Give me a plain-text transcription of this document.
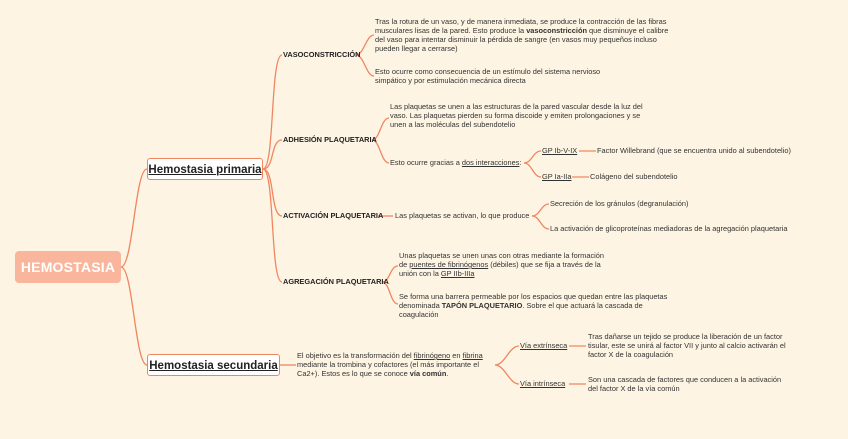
HEMOSTASIA
Hemostasia primaria
VASOCONSTRICCIÓN
Tras la rotura de un vaso, y de manera inmediata, se produce la contracción de las fibras musculares lisas de la pared. Esto produce la vasoconstricción que disminuye el calibre del vaso para intentar disminuir la pérdida de sangre (en vasos muy pequeños incluso pueden llegar a cerrarse)
Esto ocurre como consecuencia de un estímulo del sistema nervioso simpático y por estimulación mecánica directa
ADHESIÓN PLAQUETARIA
Las plaquetas se unen a las estructuras de la pared vascular desde la luz del vaso. Las plaquetas pierden su forma discoide y emiten prolongaciones y se unen a las moléculas del subendotelio
Esto ocurre gracias a dos interacciones:
GP Ib-V-IX	Factor Willebrand (que se encuentra unido al subendotelio)
GP Ia-IIa	Colágeno del subendotelio
ACTIVACIÓN PLAQUETARIA Las plaquetas se activan, lo que produce
Secreción de los gránulos (degranulación)
La activación de glicoproteínas mediadoras de la agregación plaquetaria
AGREGACIÓN PLAQUETARIA
Unas plaquetas se unen unas con otras mediante la formación de puentes de fibrinógenos (débiles) que se fija a través de la unión con la GP IIb-IIIa
Se forma una barrera permeable por los espacios que quedan entre las plaquetas denominada TAPÓN PLAQUETARIO. Sobre el que actuará la cascada de coagulación
Hemostasia secundaria
El objetivo es la transformación del fibrinógeno en fibrina mediante la trombina y cofactores (el más importante el Ca2+). Estos es lo que se conoce vía común.
Vía extrínseca
Tras dañarse un tejido se produce la liberación de un factor tisular, este se unirá al factor VII y junto al calcio activarán el factor X de la coagulación
Vía intrínseca	Son una cascada de factores que conducen a la activación del factor X de la vía común
